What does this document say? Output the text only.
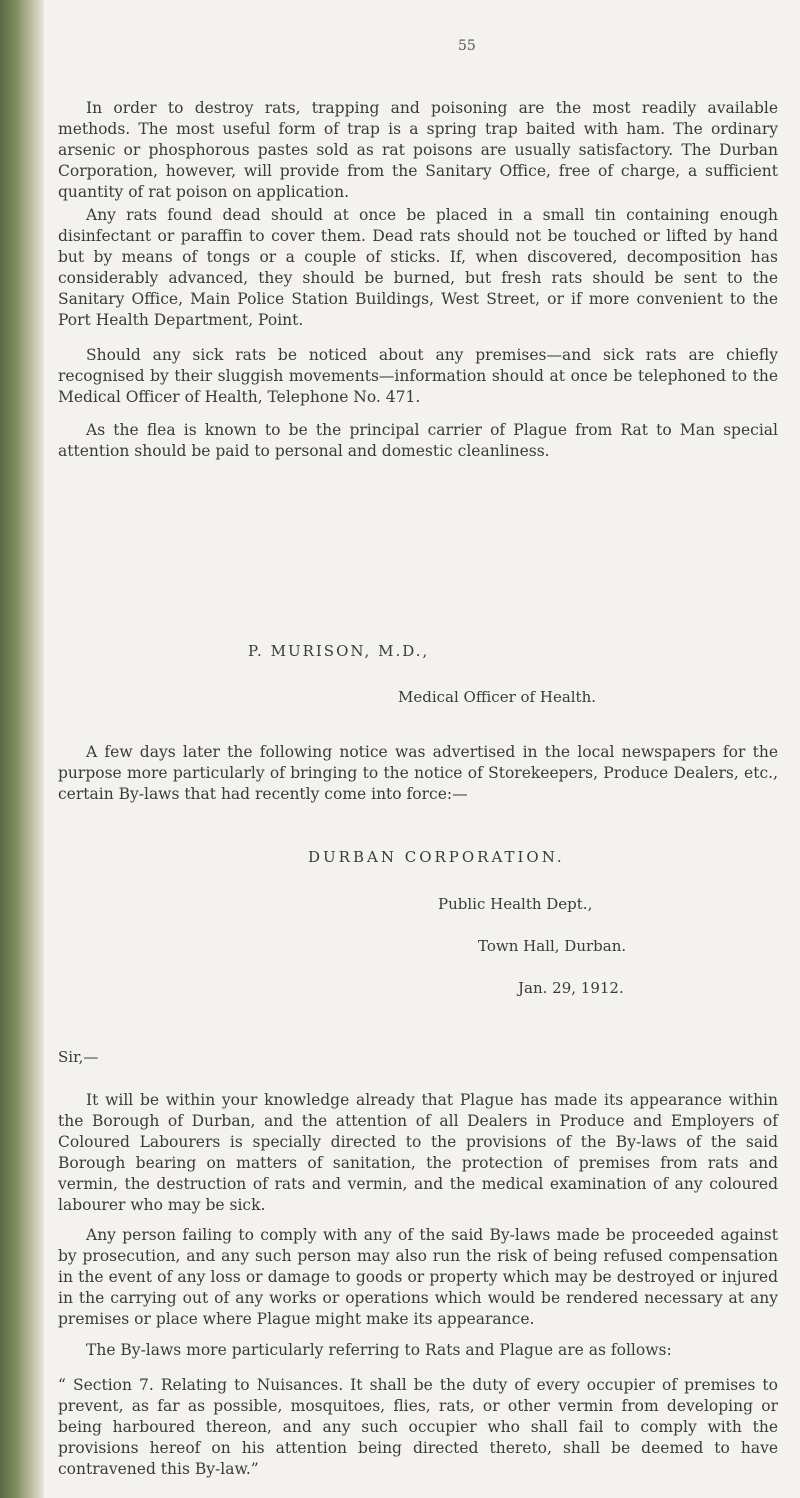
55

In order to destroy rats, trapping and poisoning are the most readily available methods. The most useful form of trap is a spring trap baited with ham. The ordinary arsenic or phosphorous pastes sold as rat poisons are usually satisfactory. The Durban Corporation, however, will provide from the Sanitary Office, free of charge, a sufficient quantity of rat poison on application.

Any rats found dead should at once be placed in a small tin containing enough disinfectant or paraffin to cover them. Dead rats should not be touched or lifted by hand but by means of tongs or a couple of sticks. If, when discovered, decomposition has considerably advanced, they should be burned, but fresh rats should be sent to the Sanitary Office, Main Police Station Buildings, West Street, or if more convenient to the Port Health Department, Point.

Should any sick rats be noticed about any premises—and sick rats are chiefly recognised by their sluggish movements—information should at once be telephoned to the Medical Officer of Health, Telephone No. 471.

As the flea is known to be the principal carrier of Plague from Rat to Man special attention should be paid to personal and domestic cleanliness.

P. MURISON, M.D.,
Medical Officer of Health.

A few days later the following notice was advertised in the local newspapers for the purpose more particularly of bringing to the notice of Storekeepers, Produce Dealers, etc., certain By-laws that had recently come into force:—

DURBAN CORPORATION.
Public Health Dept.,
Town Hall, Durban.
Jan. 29, 1912.
Sir,—

It will be within your knowledge already that Plague has made its appearance within the Borough of Durban, and the attention of all Dealers in Produce and Employers of Coloured Labourers is specially directed to the provisions of the By-laws of the said Borough bearing on matters of sanitation, the protection of premises from rats and vermin, the destruction of rats and vermin, and the medical examination of any coloured labourer who may be sick.

Any person failing to comply with any of the said By-laws made be proceeded against by prosecution, and any such person may also run the risk of being refused compensation in the event of any loss or damage to goods or property which may be destroyed or injured in the carrying out of any works or operations which would be rendered necessary at any premises or place where Plague might make its appearance.

The By-laws more particularly referring to Rats and Plague are as follows:

“ Section 7. Relating to Nuisances. It shall be the duty of every occupier of premises to prevent, as far as possible, mosquitoes, flies, rats, or other vermin from developing or being harboured thereon, and any such occupier who shall fail to comply with the provisions hereof on his attention being directed thereto, shall be deemed to have contravened this By-law.”
